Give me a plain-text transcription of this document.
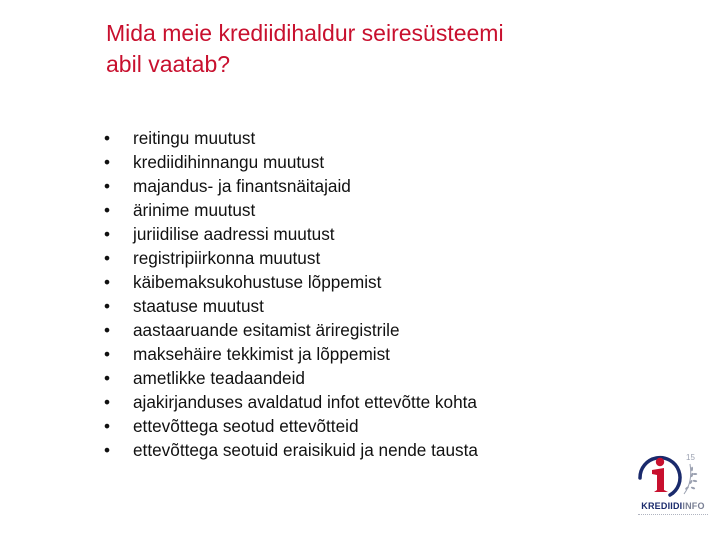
Mida meie krediidihaldur seiresüsteemi
abil vaatab?
• reitingu muutust
• krediidihinnangu muutust
• majandus- ja finantsnäitajaid
• ärinime muutust
• juriidilise aadressi muutust
• registripiirkonna muutust
• käibemaksukohustuse lõppemist
• staatuse muutust
• aastaaruande esitamist äriregistrile
• maksehäire tekkimist ja lõppemist
• ametlikke teadaandeid
• ajakirjanduses avaldatud infot ettevõtte kohta
• ettevõttega seotud ettevõtteid
• ettevõttega seotuid eraisikuid ja nende tausta	15
KREDIIDIINFO
